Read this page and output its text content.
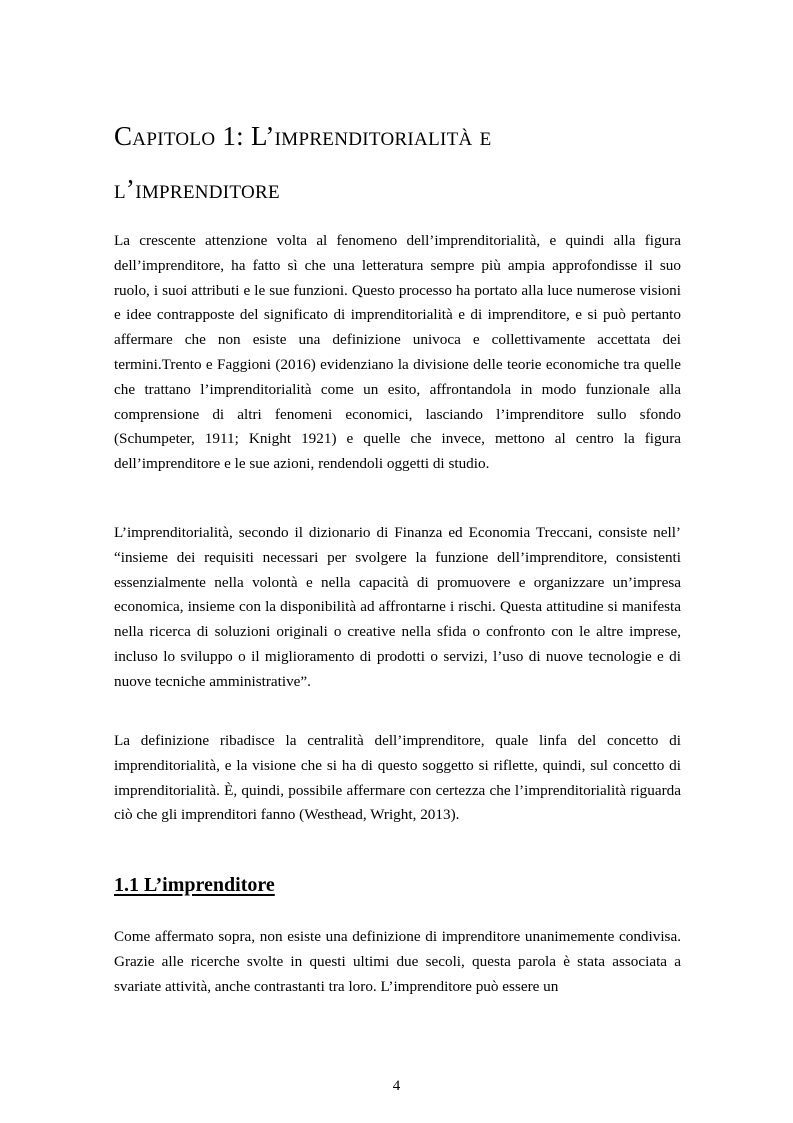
Capitolo 1: L’imprenditorialità e
l’imprenditore

La crescente attenzione volta al fenomeno dell’imprenditorialità, e quindi alla figura dell’imprenditore, ha fatto sì che una letteratura sempre più ampia approfondisse il suo ruolo, i suoi attributi e le sue funzioni. Questo processo ha portato alla luce numerose visioni e idee contrapposte del significato di imprenditorialità e di imprenditore, e si può pertanto affermare che non esiste una definizione univoca e collettivamente accettata dei termini.Trento e Faggioni (2016) evidenziano la divisione delle teorie economiche tra quelle che trattano l’imprenditorialità come un esito, affrontandola in modo funzionale alla comprensione di altri fenomeni economici, lasciando l’imprenditore sullo sfondo (Schumpeter, 1911; Knight 1921) e quelle che invece, mettono al centro la figura dell’imprenditore e le sue azioni, rendendoli oggetti di studio.

L’imprenditorialità, secondo il dizionario di Finanza ed Economia Treccani, consiste nell’ “insieme dei requisiti necessari per svolgere la funzione dell’imprenditore, consistenti essenzialmente nella volontà e nella capacità di promuovere e organizzare un’impresa economica, insieme con la disponibilità ad affrontarne i rischi. Questa attitudine si manifesta nella ricerca di soluzioni originali o creative nella sfida o confronto con le altre imprese, incluso lo sviluppo o il miglioramento di prodotti o servizi, l’uso di nuove tecnologie e di nuove tecniche amministrative”.

La definizione ribadisce la centralità dell’imprenditore, quale linfa del concetto di imprenditorialità, e la visione che si ha di questo soggetto si riflette, quindi, sul concetto di imprenditorialità. È, quindi, possibile affermare con certezza che l’imprenditorialità riguarda ciò che gli imprenditori fanno (Westhead, Wright, 2013).

1.1 L’imprenditore

Come affermato sopra, non esiste una definizione di imprenditore unanimemente condivisa. Grazie alle ricerche svolte in questi ultimi due secoli, questa parola è stata associata a svariate attività, anche contrastanti tra loro. L’imprenditore può essere un

4
